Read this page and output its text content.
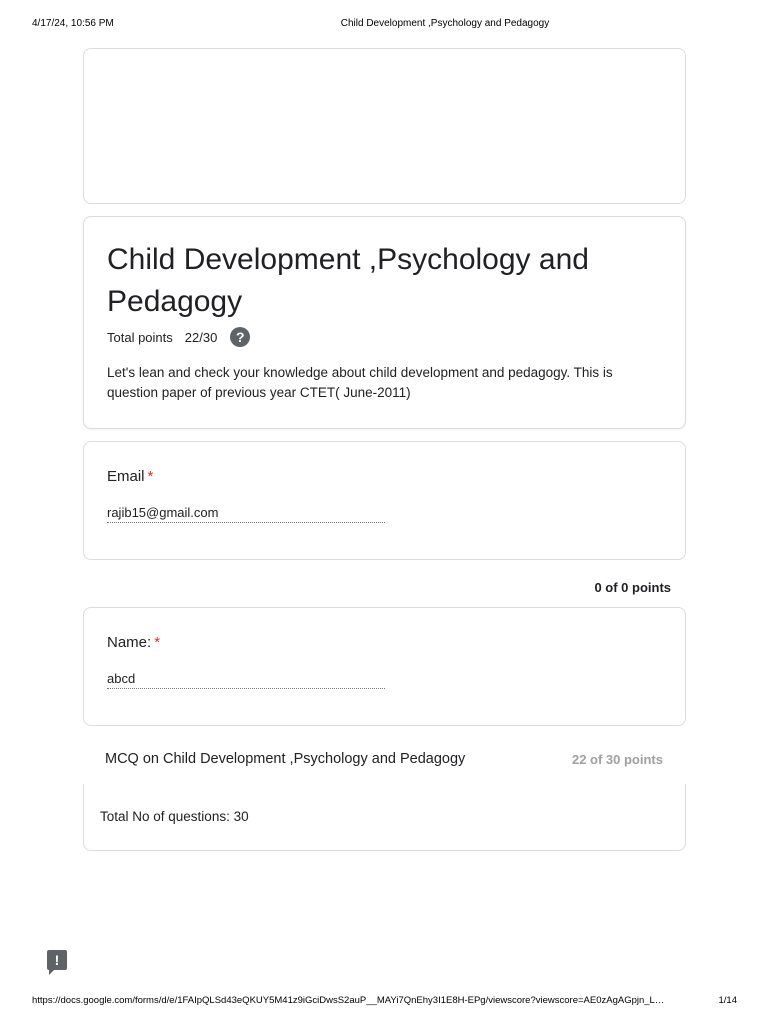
4/17/24, 10:56 PM	Child Development ,Psychology and Pedagogy
Child Development ,Psychology and
Pedagogy
Total points 22/30	?
Let's lean and check your knowledge about child development and pedagogy. This is question paper of previous year CTET( June-2011)
Email *
rajib15@gmail.com
0 of 0 points
Name: *
abcd
MCQ on Child Development ,Psychology and Pedagogy	22 of 30 points
Total No of questions: 30
!
https://docs.google.com/forms/d/e/1FAIpQLSd43eQKUY5M41z9iGciDwsS2auP__MAYi7QnEhy3I1E8H-EPg/viewscore?viewscore=AE0zAgAGpjn_L…	1/14
